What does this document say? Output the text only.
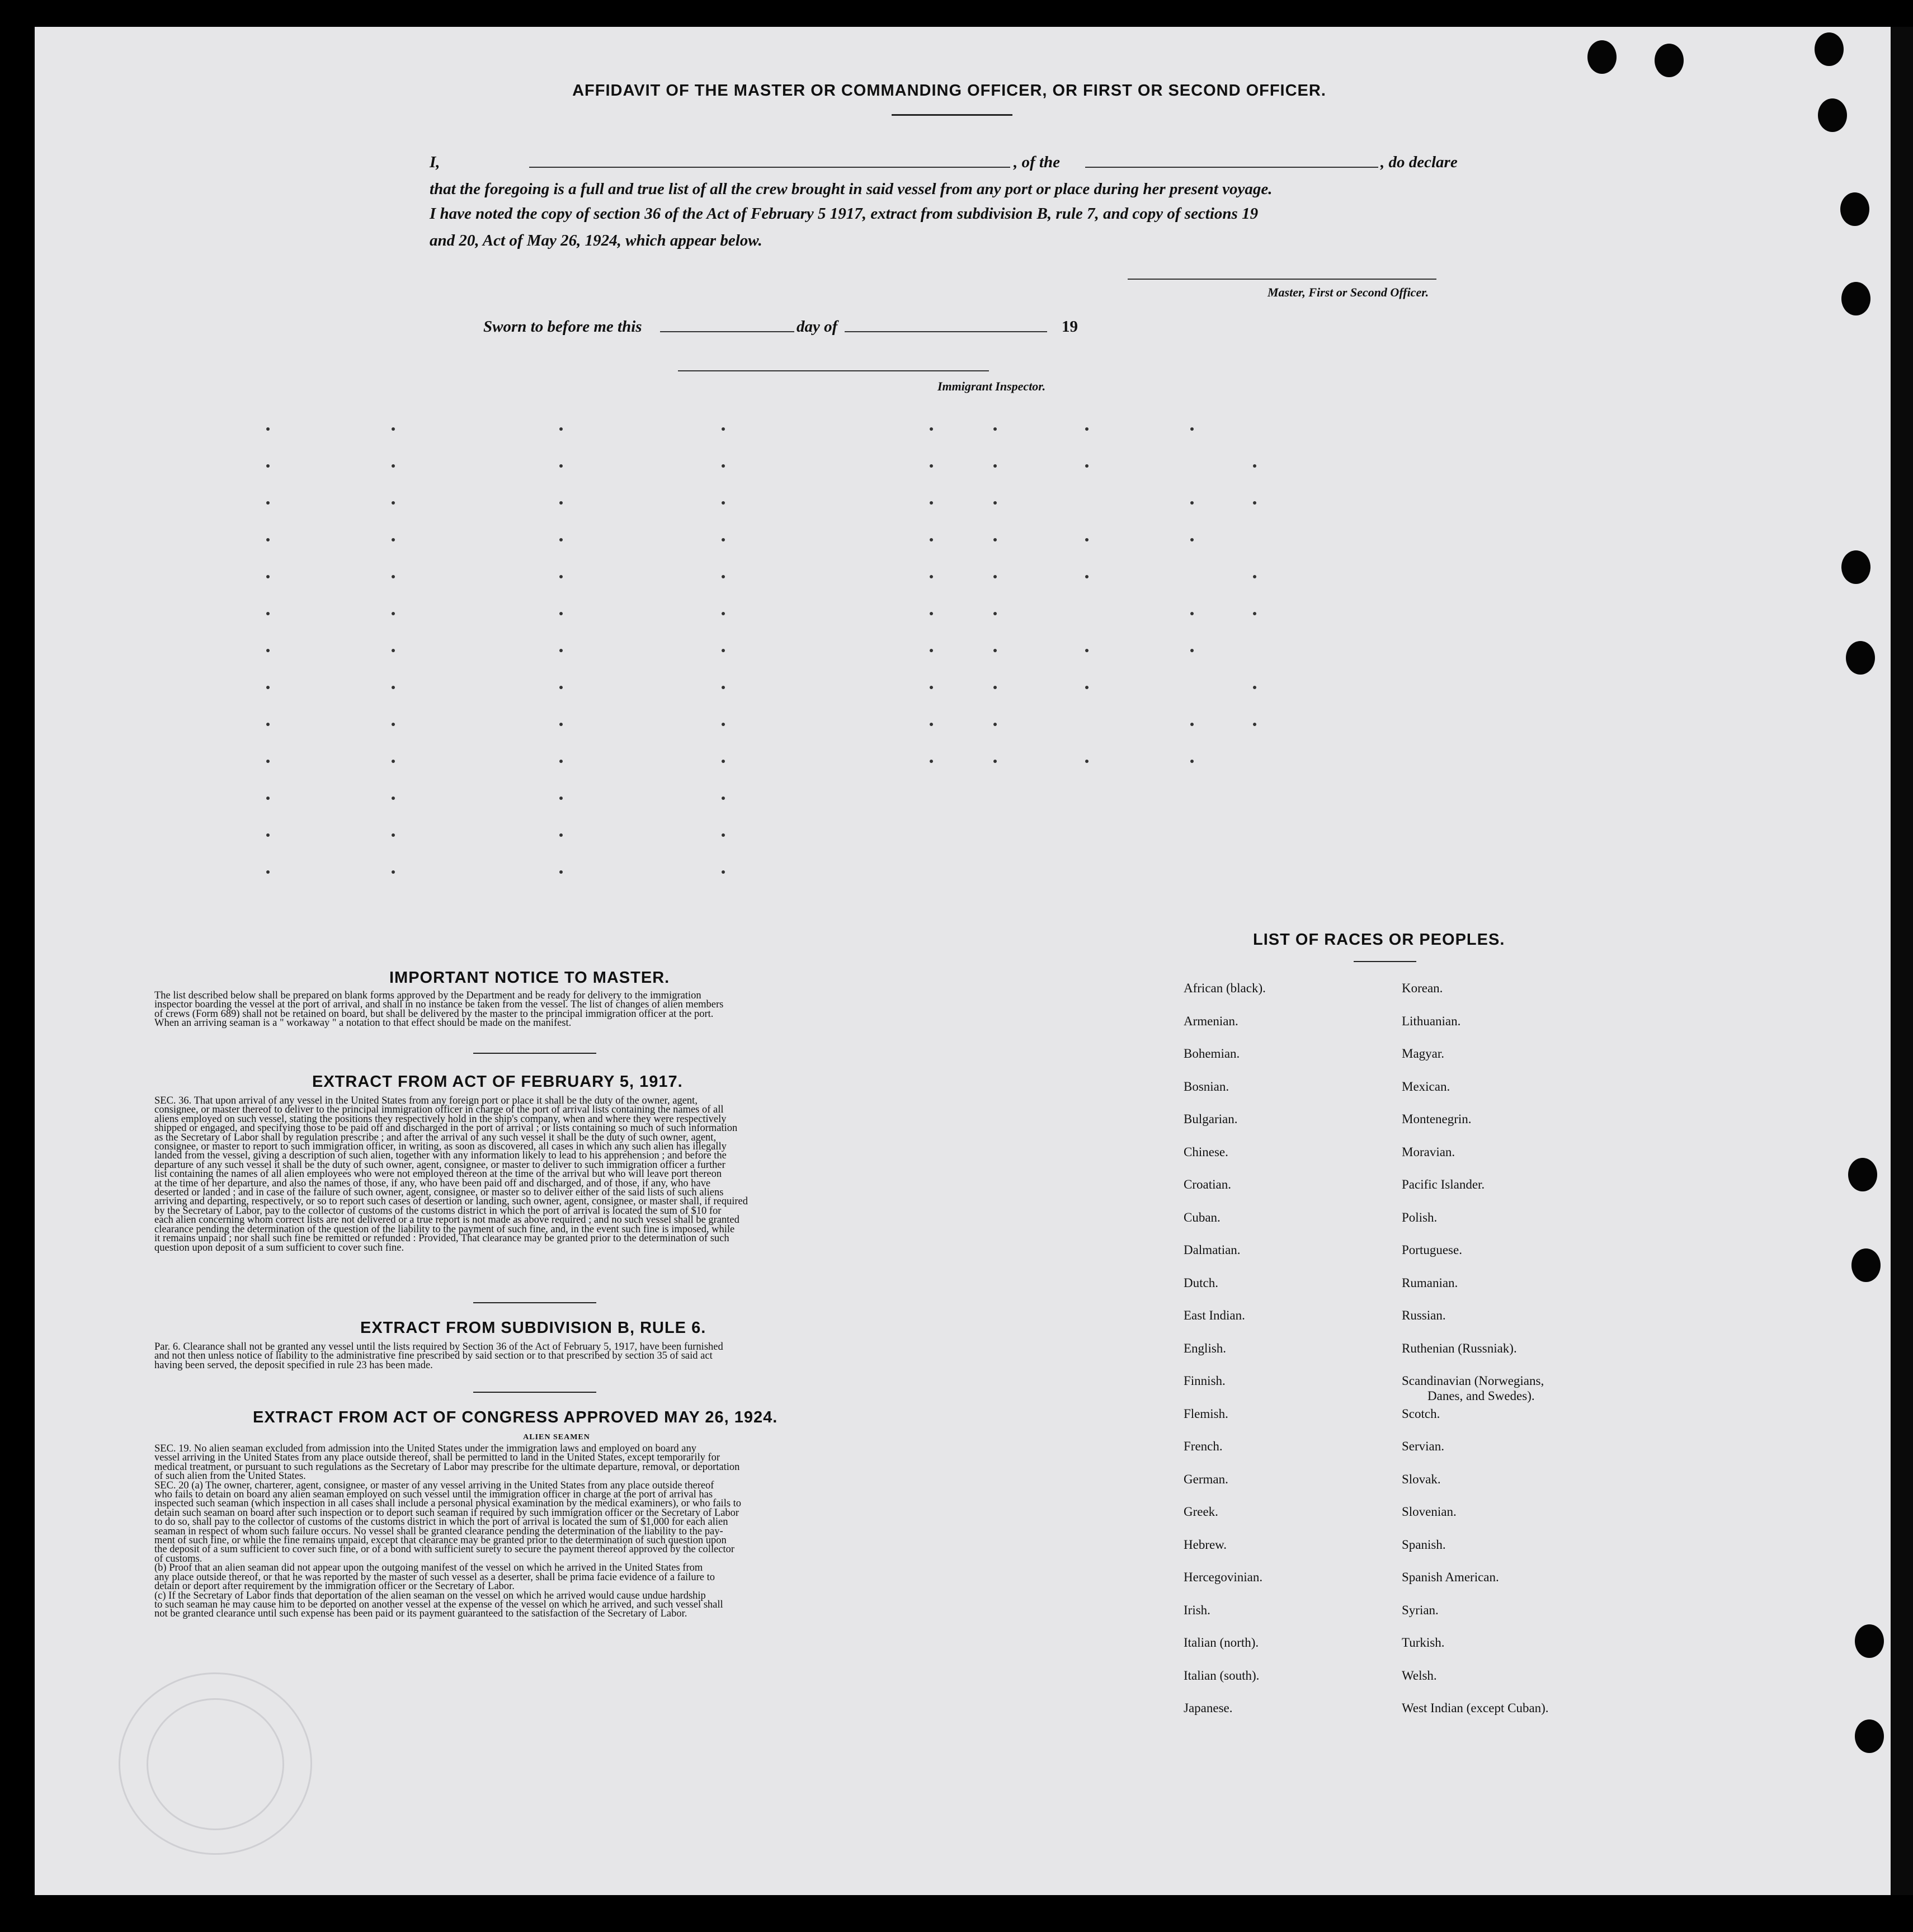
AFFIDAVIT OF THE MASTER OR COMMANDING OFFICER, OR FIRST OR SECOND OFFICER.
I,	, of the	, do declare
that the foregoing is a full and true list of all the crew brought in said vessel from any port or place during her present voyage.
I have noted the copy of section 36 of the Act of February 5 1917, extract from subdivision B, rule 7, and copy of sections 19
and 20, Act of May 26, 1924, which appear below.
Master, First or Second Officer.
Sworn to before me this	day of	19
Immigrant Inspector.
IMPORTANT NOTICE TO MASTER.
The list described below shall be prepared on blank forms approved by the Department and be ready for delivery to the immigration
inspector boarding the vessel at the port of arrival, and shall in no instance be taken from the vessel. The list of changes of alien members
of crews (Form 689) shall not be retained on board, but shall be delivered by the master to the principal immigration officer at the port.
When an arriving seaman is a " workaway " a notation to that effect should be made on the manifest.
EXTRACT FROM ACT OF FEBRUARY 5, 1917.
SEC. 36. That upon arrival of any vessel in the United States from any foreign port or place it shall be the duty of the owner, agent,
consignee, or master thereof to deliver to the principal immigration officer in charge of the port of arrival lists containing the names of all
aliens employed on such vessel, stating the positions they respectively hold in the ship's company, when and where they were respectively
shipped or engaged, and specifying those to be paid off and discharged in the port of arrival ; or lists containing so much of such information
as the Secretary of Labor shall by regulation prescribe ; and after the arrival of any such vessel it shall be the duty of such owner, agent,
consignee, or master to report to such immigration officer, in writing, as soon as discovered, all cases in which any such alien has illegally
landed from the vessel, giving a description of such alien, together with any information likely to lead to his apprehension ; and before the
departure of any such vessel it shall be the duty of such owner, agent, consignee, or master to deliver to such immigration officer a further
list containing the names of all alien employees who were not employed thereon at the time of the arrival but who will leave port thereon
at the time of her departure, and also the names of those, if any, who have been paid off and discharged, and of those, if any, who have
deserted or landed ; and in case of the failure of such owner, agent, consignee, or master so to deliver either of the said lists of such aliens
arriving and departing, respectively, or so to report such cases of desertion or landing, such owner, agent, consignee, or master shall, if required
by the Secretary of Labor, pay to the collector of customs of the customs district in which the port of arrival is located the sum of $10 for
each alien concerning whom correct lists are not delivered or a true report is not made as above required ; and no such vessel shall be granted
clearance pending the determination of the question of the liability to the payment of such fine, and, in the event such fine is imposed, while
it remains unpaid ; nor shall such fine be remitted or refunded : Provided, That clearance may be granted prior to the determination of such
question upon deposit of a sum sufficient to cover such fine.
EXTRACT FROM SUBDIVISION B, RULE 6.
Par. 6. Clearance shall not be granted any vessel until the lists required by Section 36 of the Act of February 5, 1917, have been furnished
and not then unless notice of liability to the administrative fine prescribed by said section or to that prescribed by section 35 of said act
having been served, the deposit specified in rule 23 has been made.
EXTRACT FROM ACT OF CONGRESS APPROVED MAY 26, 1924.
ALIEN SEAMEN
SEC. 19. No alien seaman excluded from admission into the United States under the immigration laws and employed on board any
vessel arriving in the United States from any place outside thereof, shall be permitted to land in the United States, except temporarily for
medical treatment, or pursuant to such regulations as the Secretary of Labor may prescribe for the ultimate departure, removal, or deportation
of such alien from the United States.
SEC. 20 (a) The owner, charterer, agent, consignee, or master of any vessel arriving in the United States from any place outside thereof
who fails to detain on board any alien seaman employed on such vessel until the immigration officer in charge at the port of arrival has
inspected such seaman (which inspection in all cases shall include a personal physical examination by the medical examiners), or who fails to
detain such seaman on board after such inspection or to deport such seaman if required by such immigration officer or the Secretary of Labor
to do so, shall pay to the collector of customs of the customs district in which the port of arrival is located the sum of $1,000 for each alien
seaman in respect of whom such failure occurs. No vessel shall be granted clearance pending the determination of the liability to the pay-
ment of such fine, or while the fine remains unpaid, except that clearance may be granted prior to the determination of such question upon
the deposit of a sum sufficient to cover such fine, or of a bond with sufficient surety to secure the payment thereof approved by the collector
of customs.
(b) Proof that an alien seaman did not appear upon the outgoing manifest of the vessel on which he arrived in the United States from
any place outside thereof, or that he was reported by the master of such vessel as a deserter, shall be prima facie evidence of a failure to
detain or deport after requirement by the immigration officer or the Secretary of Labor.
(c) If the Secretary of Labor finds that deportation of the alien seaman on the vessel on which he arrived would cause undue hardship
to such seaman he may cause him to be deported on another vessel at the expense of the vessel on which he arrived, and such vessel shall
not be granted clearance until such expense has been paid or its payment guaranteed to the satisfaction of the Secretary of Labor.
LIST OF RACES OR PEOPLES.
African (black).
Armenian.
Bohemian.
Bosnian.
Bulgarian.
Chinese.
Croatian.
Cuban.
Dalmatian.
Dutch.
East Indian.
English.
Finnish.
Flemish.
French.
German.
Greek.
Hebrew.
Hercegovinian.
Irish.
Italian (north).
Italian (south).
Japanese.
Korean.
Lithuanian.
Magyar.
Mexican.
Montenegrin.
Moravian.
Pacific Islander.
Polish.
Portuguese.
Rumanian.
Russian.
Ruthenian (Russniak).
Scandinavian (Norwegians,
Scotch.
Servian.
Slovak.
Slovenian.
Spanish.
Spanish American.
Syrian.
Turkish.
Welsh.
West Indian (except Cuban).
Danes, and Swedes).
